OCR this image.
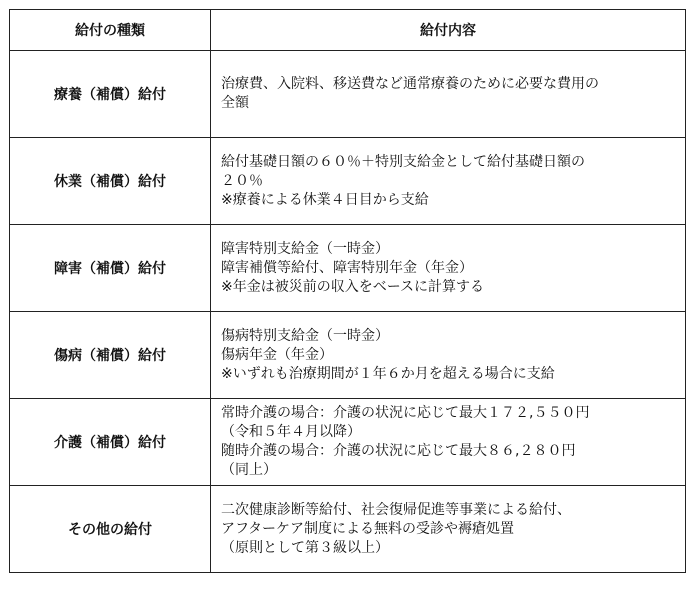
給付の種類	給付内容
療養（補償）給付	治療費、入院料、移送費など通常療養のために必要な費用の
全額

休業（補償）給付	給付基礎日額の６０％＋特別支給金として給付基礎日額の
２０％
※療養による休業４日目から支給

障害（補償）給付	障害特別支給金（一時金）
障害補償等給付、障害特別年金（年金）
※年金は被災前の収入をベースに計算する

傷病（補償）給付	傷病特別支給金（一時金）
傷病年金（年金）
※いずれも治療期間が１年６か月を超える場合に支給

介護（補償）給付	常時介護の場合：介護の状況に応じて最大１７２,５５０円
（令和５年４月以降）
随時介護の場合：介護の状況に応じて最大８６,２８０円
（同上）

その他の給付	二次健康診断等給付、社会復帰促進等事業による給付、
アフターケア制度による無料の受診や褥瘡処置
（原則として第３級以上）
